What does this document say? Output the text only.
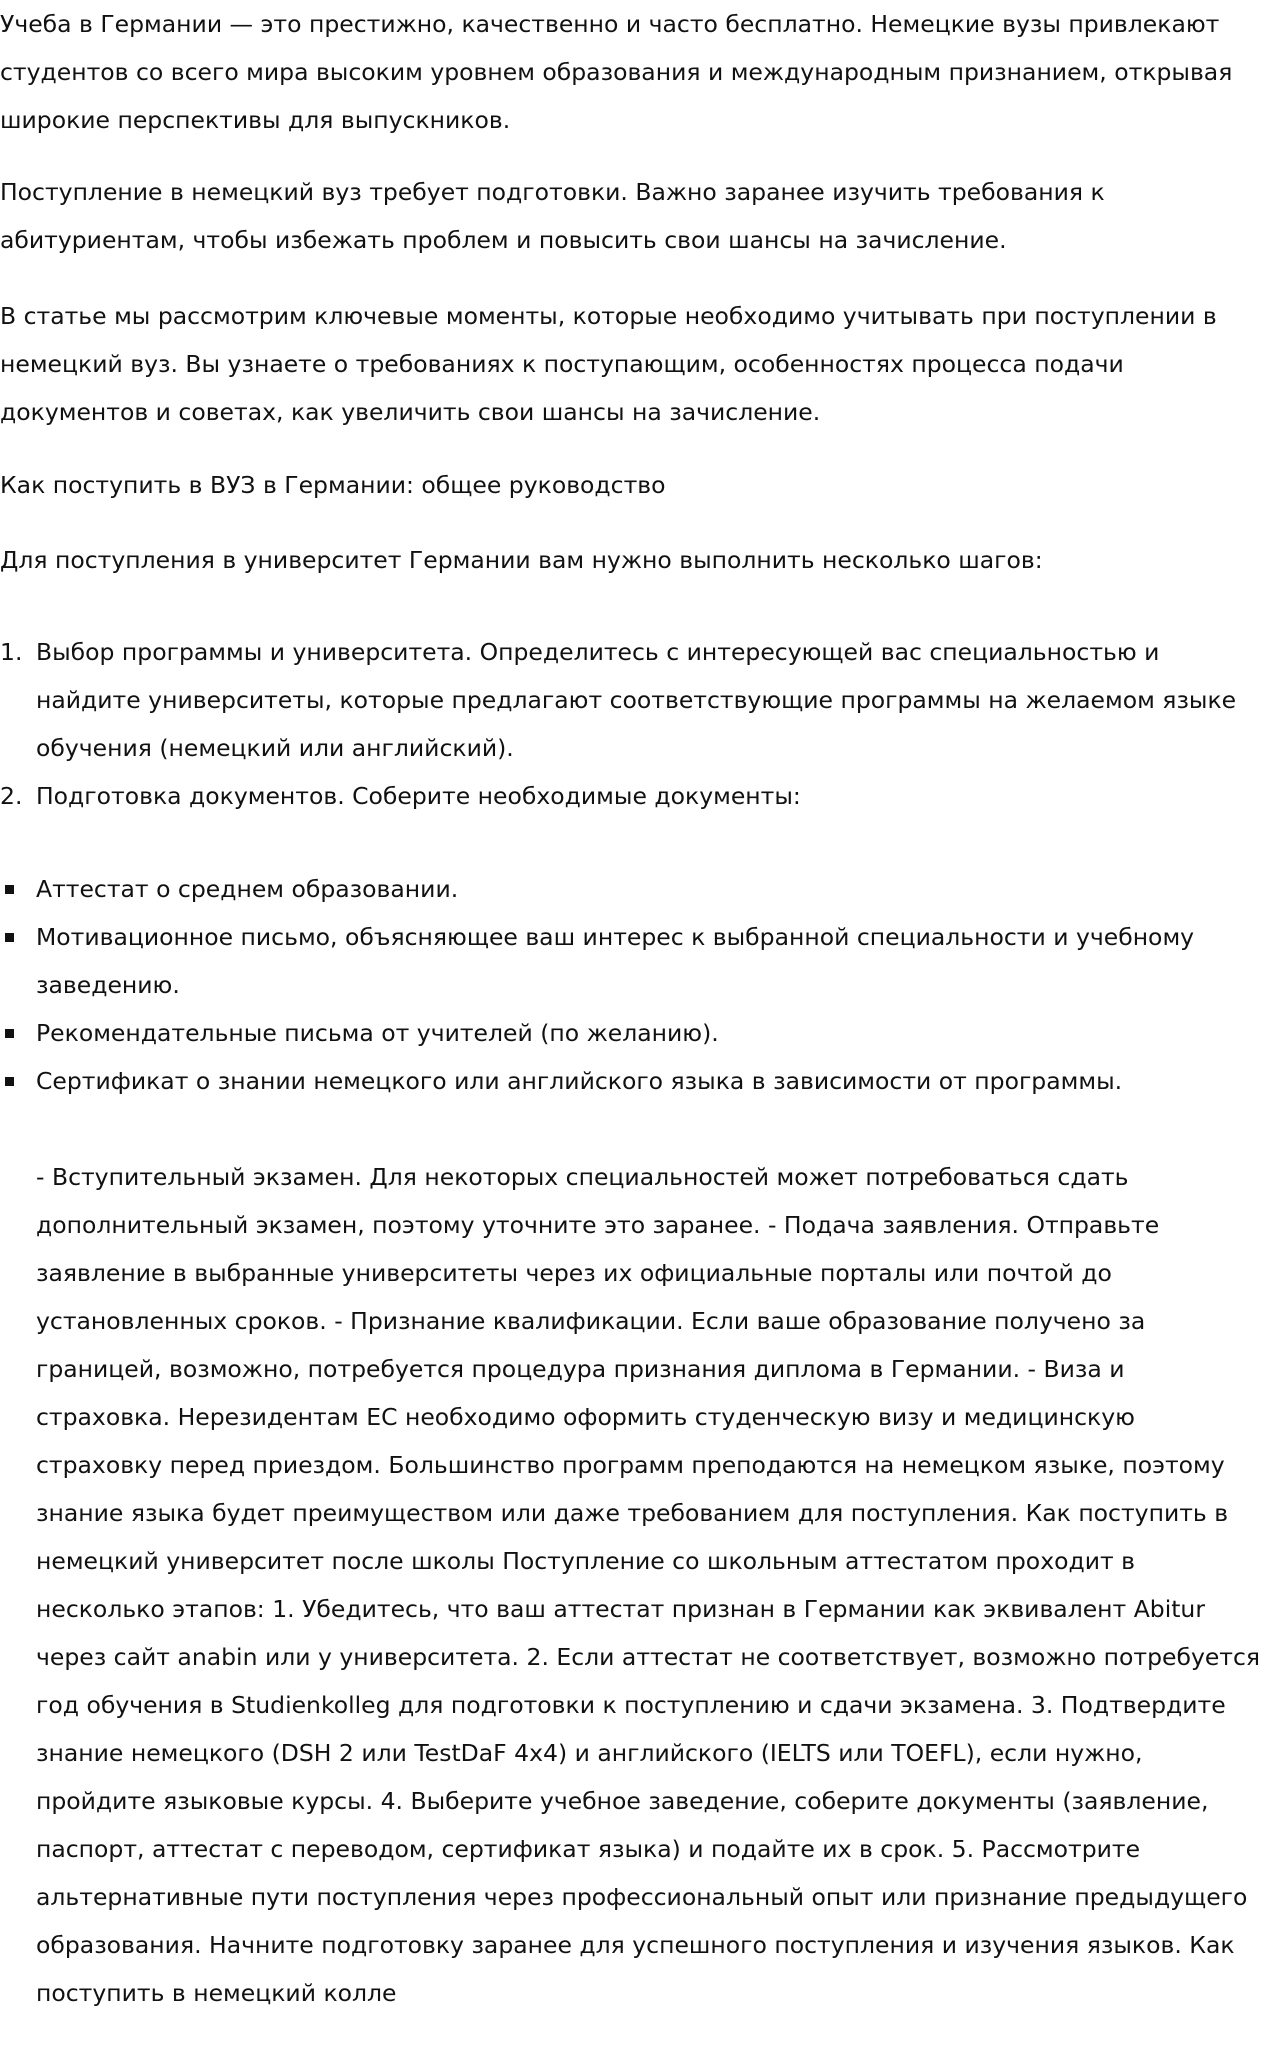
Учеба в Германии — это престижно, качественно и часто бесплатно. Немецкие вузы привлекают студентов со всего мира высоким уровнем образования и международным признанием, открывая широкие перспективы для выпускников.

Поступление в немецкий вуз требует подготовки. Важно заранее изучить требования к абитуриентам, чтобы избежать проблем и повысить свои шансы на зачисление.

В статье мы рассмотрим ключевые моменты, которые необходимо учитывать при поступлении в немецкий вуз. Вы узнаете о требованиях к поступающим, особенностях процесса подачи документов и советах, как увеличить свои шансы на зачисление.

Как поступить в ВУЗ в Германии: общее руководство

Для поступления в университет Германии вам нужно выполнить несколько шагов:

1. Выбор программы и университета. Определитесь с интересующей вас специальностью и найдите университеты, которые предлагают соответствующие программы на желаемом языке обучения (немецкий или английский).
2. Подготовка документов. Соберите необходимые документы:
Аттестат о среднем образовании.
Мотивационное письмо, объясняющее ваш интерес к выбранной специальности и учебному заведению.
Рекомендательные письма от учителей (по желанию).
Сертификат о знании немецкого или английского языка в зависимости от программы.

- Вступительный экзамен. Для некоторых специальностей может потребоваться сдать дополнительный экзамен, поэтому уточните это заранее. - Подача заявления. Отправьте заявление в выбранные университеты через их официальные порталы или почтой до установленных сроков. - Признание квалификации. Если ваше образование получено за границей, возможно, потребуется процедура признания диплома в Германии. - Виза и страховка. Нерезидентам ЕС необходимо оформить студенческую визу и медицинскую страховку перед приездом. Большинство программ преподаются на немецком языке, поэтому знание языка будет преимуществом или даже требованием для поступления. Как поступить в немецкий университет после школы Поступление со школьным аттестатом проходит в несколько этапов: 1. Убедитесь, что ваш аттестат признан в Германии как эквивалент Abitur через сайт anabin или у университета. 2. Если аттестат не соответствует, возможно потребуется год обучения в Studienkolleg для подготовки к поступлению и сдачи экзамена. 3. Подтвердите знание немецкого (DSH 2 или TestDaF 4x4) и английского (IELTS или TOEFL), если нужно, пройдите языковые курсы. 4. Выберите учебное заведение, соберите документы (заявление, паспорт, аттестат с переводом, сертификат языка) и подайте их в срок. 5. Рассмотрите альтернативные пути поступления через профессиональный опыт или признание предыдущего образования. Начните подготовку заранее для успешного поступления и изучения языков. Как поступить в немецкий колле
